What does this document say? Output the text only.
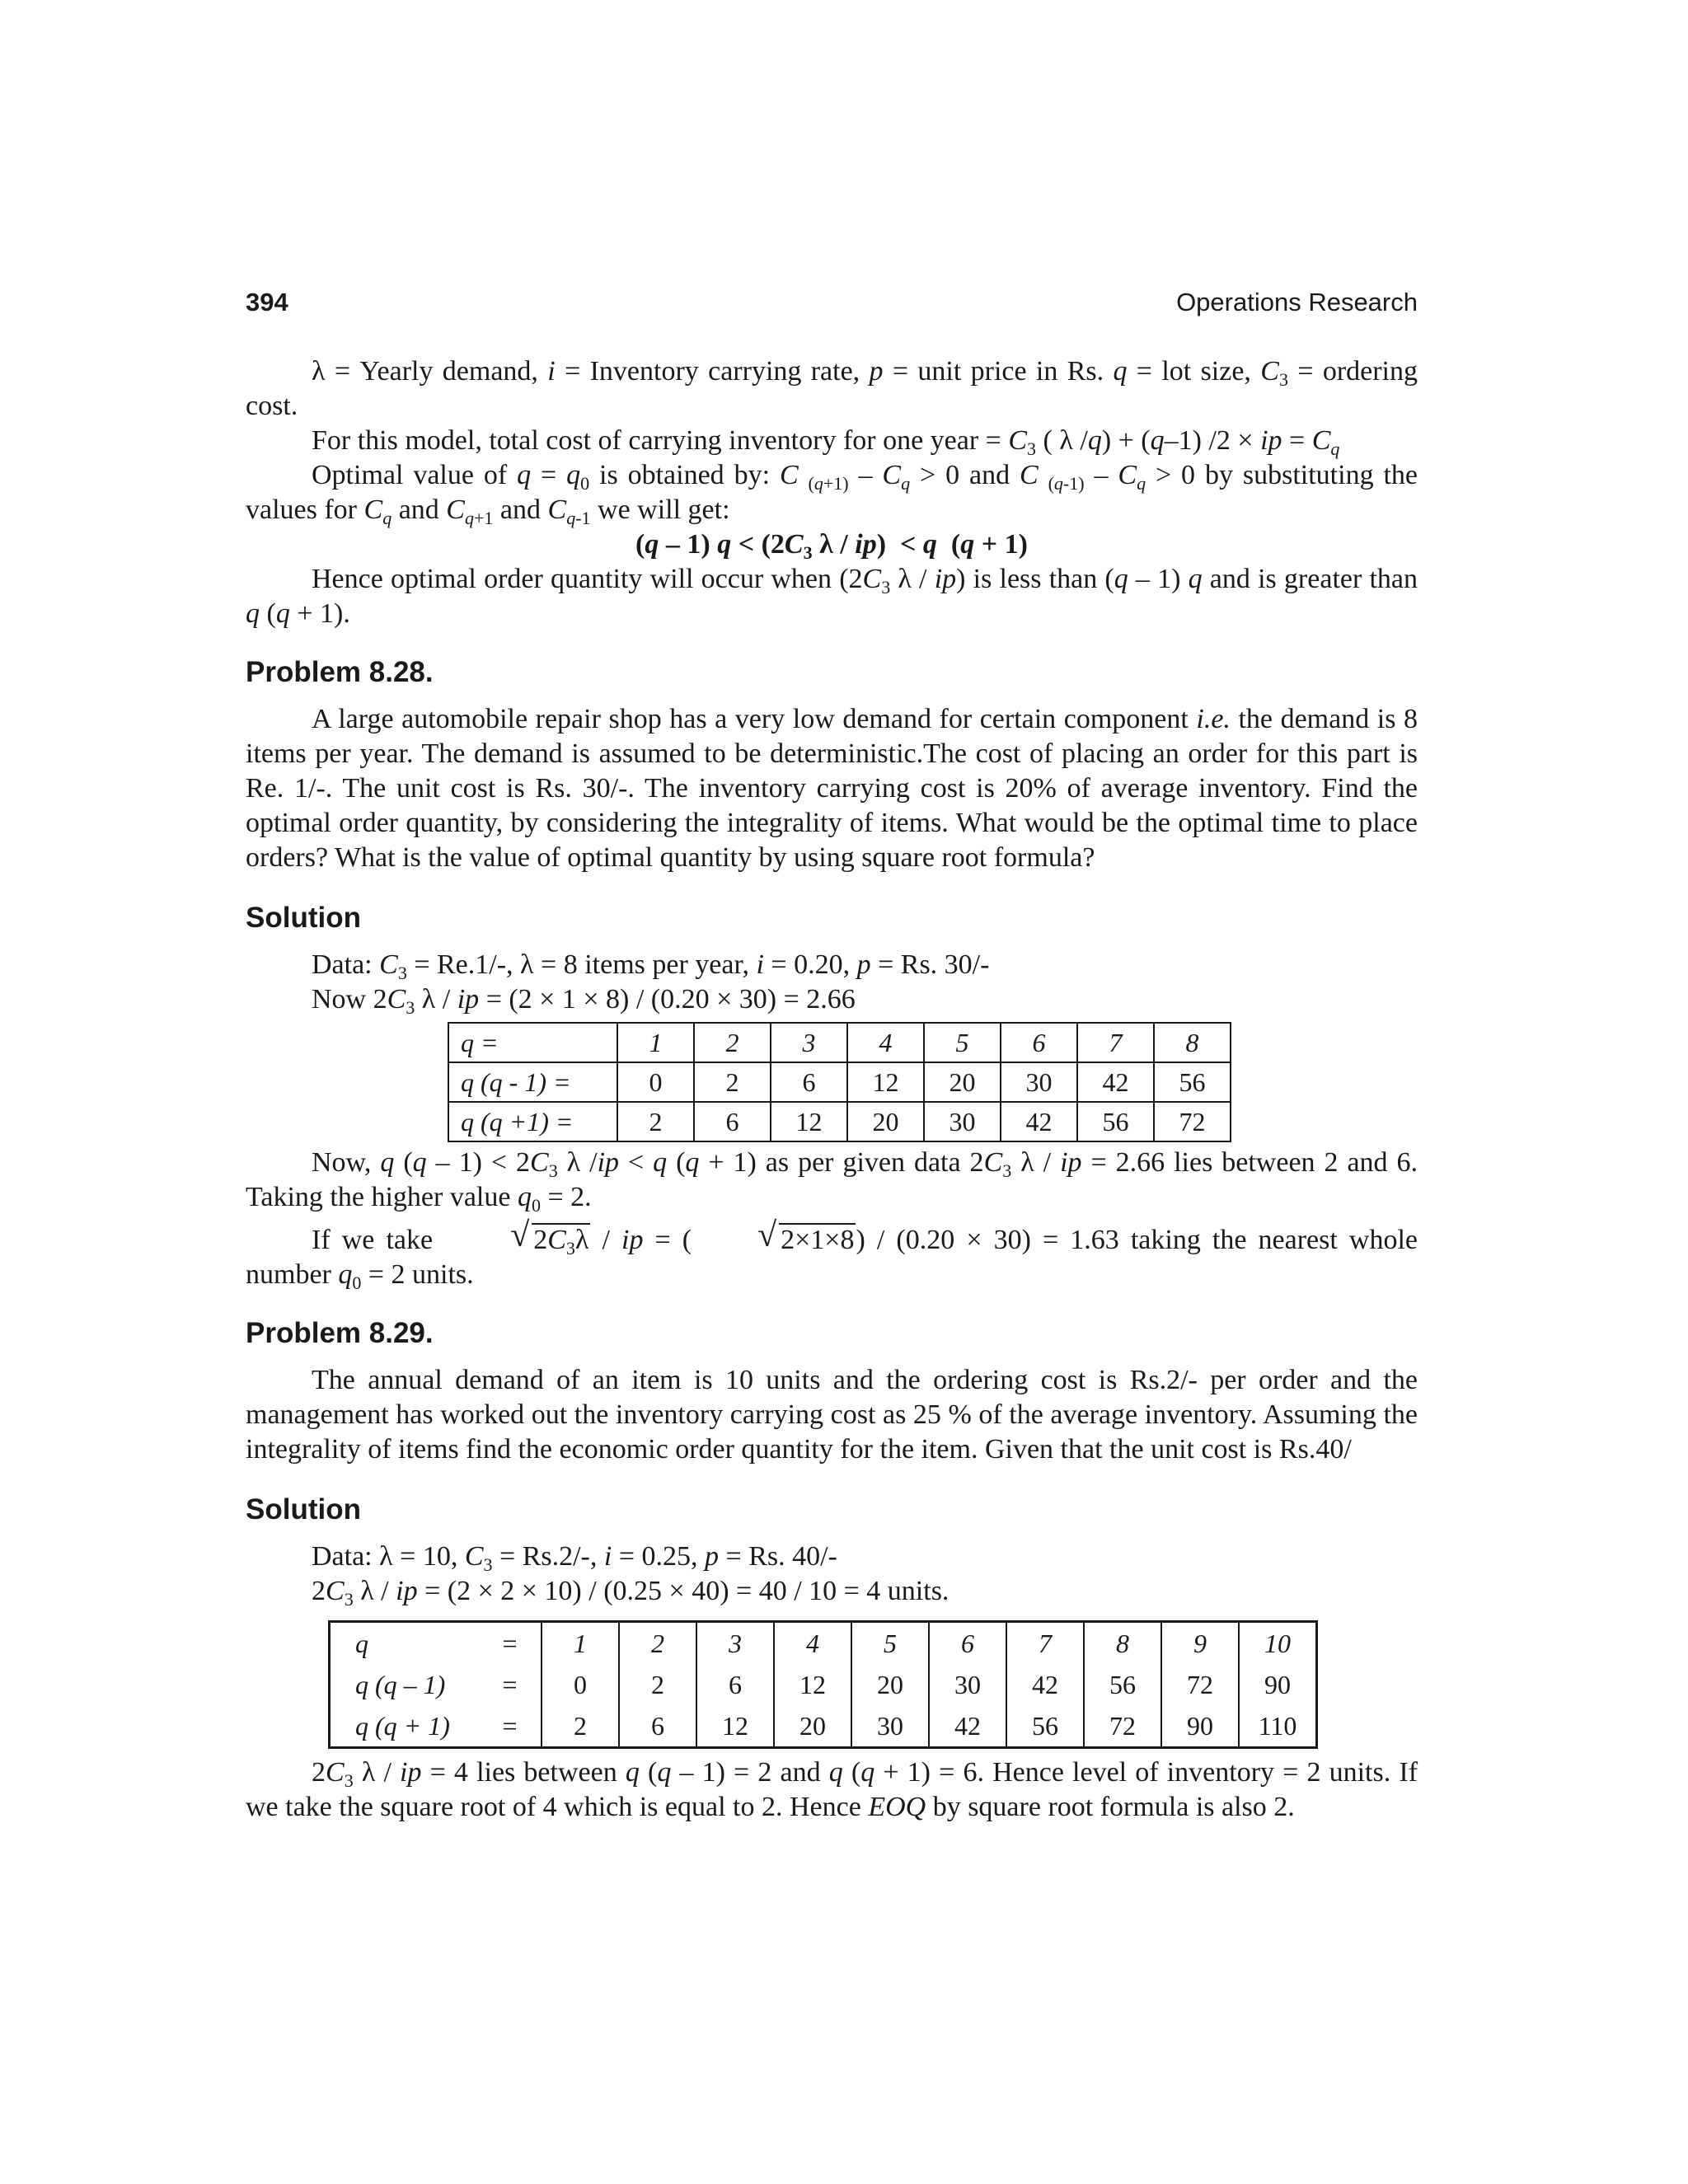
394	Operations Research

λ = Yearly demand, i = Inventory carrying rate, p = unit price in Rs. q = lot size, $C_3$ = ordering cost.

For this model, total cost of carrying inventory for one year = $C_3$ ( λ /q) + (q–1) /2 × ip = $C_q$

Optimal value of $q = q_0$ is obtained by: C $_{(q+1)} - C_q > 0$ and C $_{(q-1)} - C_q > 0$ by substituting the values for $C_q$ and $C_{q+1}$ and $C_{q-1}$ we will get:

(q – 1) $q < (2C_3$ λ / ip)  < q  (q + 1)

Hence optimal order quantity will occur when ($2C_3$ λ / ip) is less than (q – 1) q and is greater than q (q + 1).

Problem 8.28.

A large automobile repair shop has a very low demand for certain component i.e. the demand is 8 items per year. The demand is assumed to be deterministic.The cost of placing an order for this part is Re. 1/-. The unit cost is Rs. 30/-. The inventory carrying cost is 20% of average inventory. Find the optimal order quantity, by considering the integrality of items. What would be the optimal time to place orders? What is the value of optimal quantity by using square root formula?

Solution

Data: $C_3 = Re.1/-$, λ = 8 items per year, i = 0.20, p = Rs. 30/-

Now $2C_3$ λ / ip = (2 × 1 × 8) / (0.20 × 30) = 2.66

q =	1	2	3	4	5	6	7	8
q (q - 1) =	0	2	6	12	20	30	42	56
q (q +1) =	2	6	12	20	30	42	56	72

Now, q $(q - 1) < 2C_3$ λ /ip < q (q + 1) as per given data $2C_3$ λ / ip = 2.66 lies between 2 and 6. Taking the higher value $q_0 = 2$.

If we take	√ $2C_3\lambda$ / ip = (	√ 2×1×8) / (0.20 × 30) = 1.63 taking the nearest whole number $q_0 = 2$ units.

Problem 8.29.

The annual demand of an item is 10 units and the ordering cost is Rs.2/- per order and the management has worked out the inventory carrying cost as 25 % of the average inventory. Assuming the integrality of items find the economic order quantity for the item. Given that the unit cost is Rs.40/

Solution

Data: λ = 10, $C_3 = Rs.2/-$, i = 0.25, p = Rs. 40/-

$2C_3$ λ / ip = (2 × 2 × 10) / (0.25 × 40) = 40 / 10 = 4 units.

q	=	1	2	3	4	5	6	7	8	9	10
q (q – 1)	=	0	2	6	12	20	30	42	56	72	90
q (q + 1)	=	2	6	12	20	30	42	56	72	90	110

$2C_3$ λ / ip = 4 lies between q (q – 1) = 2 and q (q + 1) = 6. Hence level of inventory = 2 units. If we take the square root of 4 which is equal to 2. Hence EOQ by square root formula is also 2.
